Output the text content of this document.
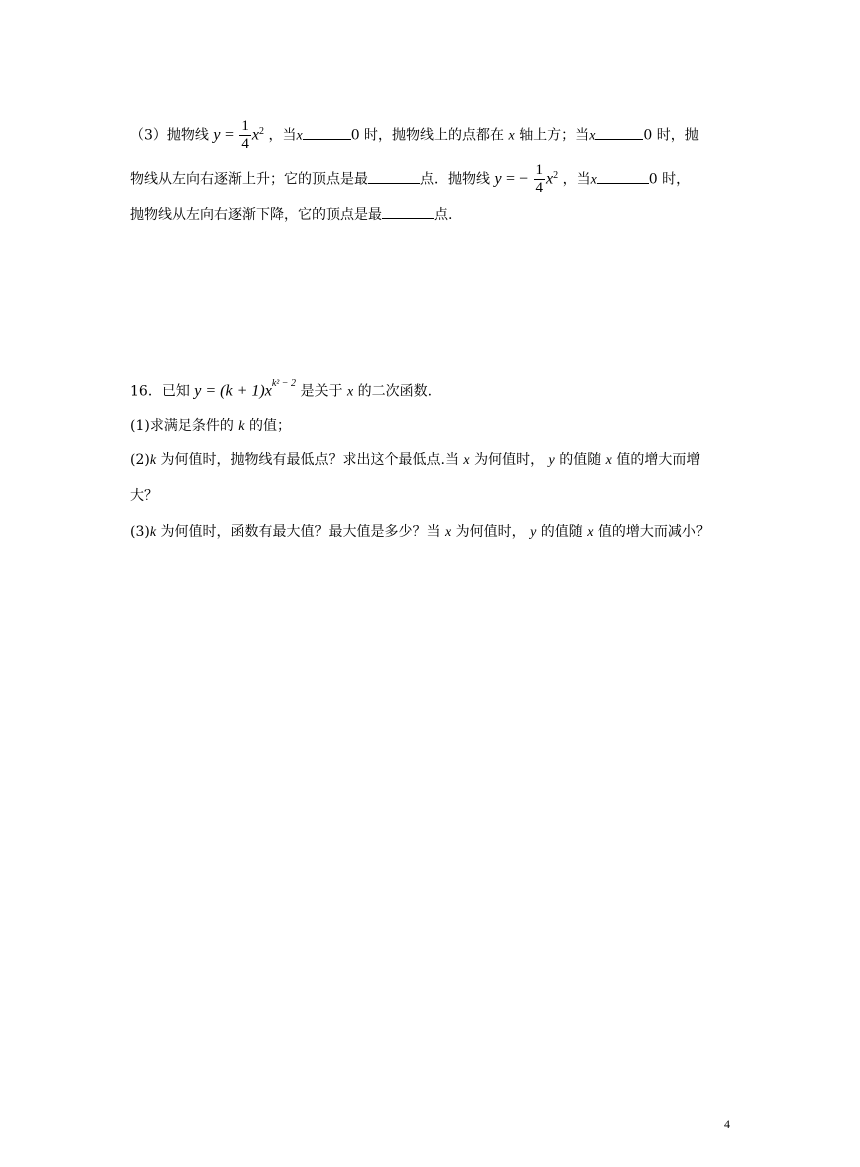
（3）抛物线 $y = \frac{1}{4} x^2$ ，当x	0 时，抛物线上的点都在 x 轴上方；当x	0 时，抛
物线从左向右逐渐上升；它的顶点是最	点．抛物线 y = − $\frac{1}{4} x^2$ ，当x	0 时，
抛物线从左向右逐渐下降，它的顶点是最	点.
16．已知 $y = (k + 1)x^{k^2 - 2}$ 是关于 x 的二次函数.
(1)求满足条件的 k 的值；
(2)k 为何值时，抛物线有最低点？求出这个最低点.当 x 为何值时， y 的值随 x 值的增大而增
大？
(3)k 为何值时，函数有最大值？最大值是多少？当 x 为何值时， y 的值随 x 值的增大而减小？
4
